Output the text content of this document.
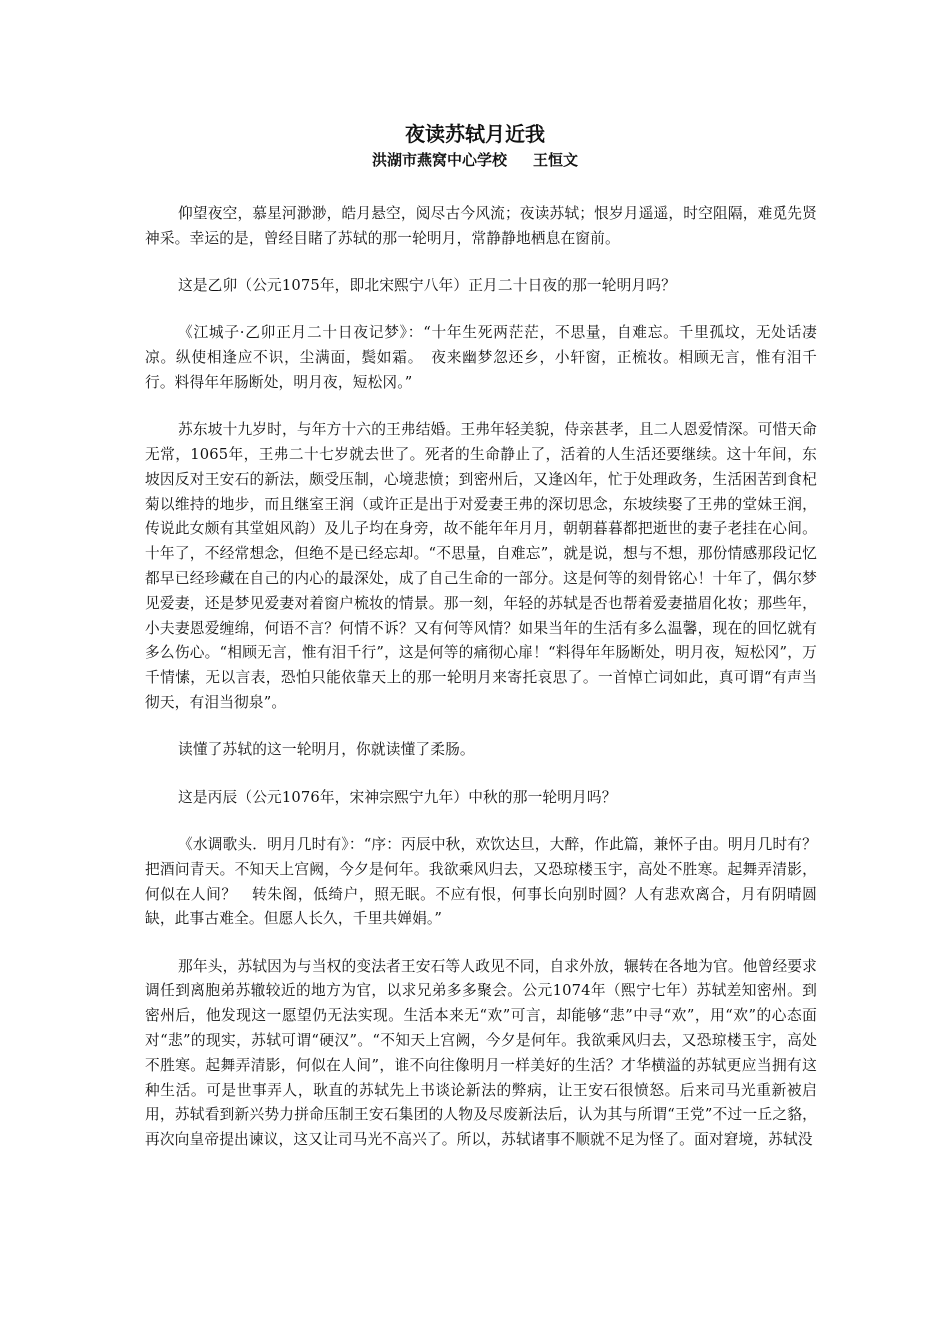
夜读苏轼月近我
洪湖市燕窝中心学校 王恒文

仰望夜空，慕星河渺渺，皓月悬空，阅尽古今风流；夜读苏轼；恨岁月遥遥，时空阻隔，难觅先贤神采。幸运的是，曾经目睹了苏轼的那一轮明月，常静静地栖息在窗前。

这是乙卯（公元1075年，即北宋熙宁八年）正月二十日夜的那一轮明月吗？

《江城子·乙卯正月二十日夜记梦》：“十年生死两茫茫，不思量，自难忘。千里孤坟，无处话凄凉。纵使相逢应不识，尘满面，鬓如霜。　夜来幽梦忽还乡，小轩窗，正梳妆。相顾无言，惟有泪千行。料得年年肠断处，明月夜，短松冈。”

苏东坡十九岁时，与年方十六的王弗结婚。王弗年轻美貌，侍亲甚孝，且二人恩爱情深。可惜天命无常，1065年，王弗二十七岁就去世了。死者的生命静止了，活着的人生活还要继续。这十年间，东坡因反对王安石的新法，颇受压制，心境悲愤；到密州后，又逢凶年，忙于处理政务，生活困苦到食杞菊以维持的地步，而且继室王润（或许正是出于对爱妻王弗的深切思念，东坡续娶了王弗的堂妹王润，传说此女颇有其堂姐风韵）及儿子均在身旁，故不能年年月月，朝朝暮暮都把逝世的妻子老挂在心间。十年了，不经常想念，但绝不是已经忘却。“不思量，自难忘”，就是说，想与不想，那份情感那段记忆都早已经珍藏在自己的内心的最深处，成了自己生命的一部分。这是何等的刻骨铭心！十年了，偶尔梦见爱妻，还是梦见爱妻对着窗户梳妆的情景。那一刻，年轻的苏轼是否也帮着爱妻描眉化妆；那些年，小夫妻恩爱缠绵，何语不言？何情不诉？又有何等风情？如果当年的生活有多么温馨，现在的回忆就有多么伤心。“相顾无言，惟有泪千行”，这是何等的痛彻心扉！“料得年年肠断处，明月夜，短松冈”，万千情愫，无以言表，恐怕只能依靠天上的那一轮明月来寄托哀思了。一首悼亡词如此，真可谓“有声当彻天，有泪当彻泉”。

读懂了苏轼的这一轮明月，你就读懂了柔肠。

这是丙辰（公元1076年，宋神宗熙宁九年）中秋的那一轮明月吗？

《水调歌头．明月几时有》：“序：丙辰中秋，欢饮达旦，大醉，作此篇，兼怀子由。明月几时有？把酒问青天。不知天上宫阙，今夕是何年。我欲乘风归去，又恐琼楼玉宇，高处不胜寒。起舞弄清影，何似在人间？　转朱阁，低绮户，照无眠。不应有恨，何事长向别时圆？人有悲欢离合，月有阴晴圆缺，此事古难全。但愿人长久，千里共婵娟。”

那年头，苏轼因为与当权的变法者王安石等人政见不同，自求外放，辗转在各地为官。他曾经要求调任到离胞弟苏辙较近的地方为官，以求兄弟多多聚会。公元1074年（熙宁七年）苏轼差知密州。到密州后，他发现这一愿望仍无法实现。生活本来无“欢”可言，却能够“悲”中寻“欢”，用“欢”的心态面对“悲”的现实，苏轼可谓“硬汉”。“不知天上宫阙，今夕是何年。我欲乘风归去，又恐琼楼玉宇，高处不胜寒。起舞弄清影，何似在人间”，谁不向往像明月一样美好的生活？才华横溢的苏轼更应当拥有这种生活。可是世事弄人，耿直的苏轼先上书谈论新法的弊病，让王安石很愤怒。后来司马光重新被启用，苏轼看到新兴势力拼命压制王安石集团的人物及尽废新法后，认为其与所谓“王党”不过一丘之貉，再次向皇帝提出谏议，这又让司马光不高兴了。所以，苏轼诸事不顺就不足为怪了。面对窘境，苏轼没
